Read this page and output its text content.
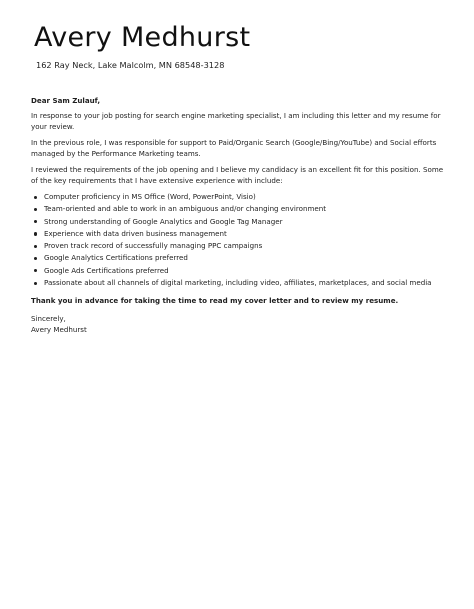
Avery Medhurst
162 Ray Neck, Lake Malcolm, MN 68548-3128

Dear Sam Zulauf,

In response to your job posting for search engine marketing specialist, I am including this letter and my resume for your review.

In the previous role, I was responsible for support to Paid/Organic Search (Google/Bing/YouTube) and Social efforts managed by the Performance Marketing teams.

I reviewed the requirements of the job opening and I believe my candidacy is an excellent fit for this position. Some of the key requirements that I have extensive experience with include:

Computer proficiency in MS Office (Word, PowerPoint, Visio)
Team-oriented and able to work in an ambiguous and/or changing environment
Strong understanding of Google Analytics and Google Tag Manager
Experience with data driven business management
Proven track record of successfully managing PPC campaigns
Google Analytics Certifications preferred
Google Ads Certifications preferred
Passionate about all channels of digital marketing, including video, affiliates, marketplaces, and social media

Thank you in advance for taking the time to read my cover letter and to review my resume.

Sincerely,

Avery Medhurst
